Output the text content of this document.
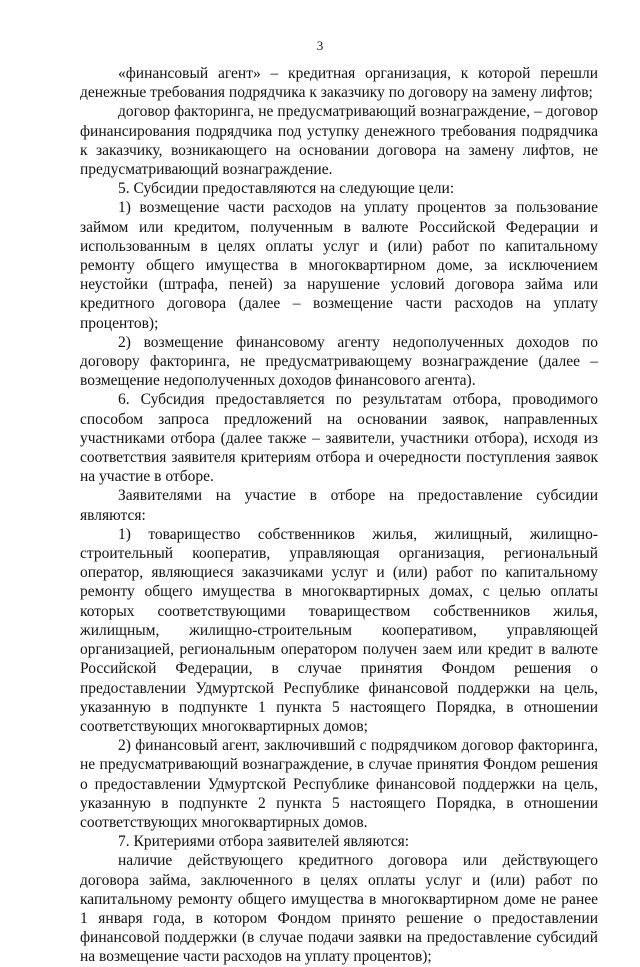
3

«финансовый агент» – кредитная организация, к которой перешли денежные требования подрядчика к заказчику по договору на замену лифтов;

договор факторинга, не предусматривающий вознаграждение, – договор финансирования подрядчика под уступку денежного требования подрядчика к заказчику, возникающего на основании договора на замену лифтов, не предусматривающий вознаграждение.

5. Субсидии предоставляются на следующие цели:

1) возмещение части расходов на уплату процентов за пользование займом или кредитом, полученным в валюте Российской Федерации и использованным в целях оплаты услуг и (или) работ по капитальному ремонту общего имущества в многоквартирном доме, за исключением неустойки (штрафа, пеней) за нарушение условий договора займа или кредитного договора (далее – возмещение части расходов на уплату процентов);

2) возмещение финансовому агенту недополученных доходов по договору факторинга, не предусматривающему вознаграждение (далее – возмещение недополученных доходов финансового агента).

6. Субсидия предоставляется по результатам отбора, проводимого способом запроса предложений на основании заявок, направленных участниками отбора (далее также – заявители, участники отбора), исходя из соответствия заявителя критериям отбора и очередности поступления заявок на участие в отборе.

Заявителями на участие в отборе на предоставление субсидии являются:

1) товарищество собственников жилья, жилищный, жилищно-строительный кооператив, управляющая организация, региональный оператор, являющиеся заказчиками услуг и (или) работ по капитальному ремонту общего имущества в многоквартирных домах, с целью оплаты которых соответствующими товариществом собственников жилья, жилищным, жилищно-строительным кооперативом, управляющей организацией, региональным оператором получен заем или кредит в валюте Российской Федерации, в случае принятия Фондом решения о предоставлении Удмуртской Республике финансовой поддержки на цель, указанную в подпункте 1 пункта 5 настоящего Порядка, в отношении соответствующих многоквартирных домов;

2) финансовый агент, заключивший с подрядчиком договор факторинга, не предусматривающий вознаграждение, в случае принятия Фондом решения о предоставлении Удмуртской Республике финансовой поддержки на цель, указанную в подпункте 2 пункта 5 настоящего Порядка, в отношении соответствующих многоквартирных домов.

7. Критериями отбора заявителей являются:

наличие действующего кредитного договора или действующего договора займа, заключенного в целях оплаты услуг и (или) работ по капитальному ремонту общего имущества в многоквартирном доме не ранее 1 января года, в котором Фондом принято решение о предоставлении финансовой поддержки (в случае подачи заявки на предоставление субсидий на возмещение части расходов на уплату процентов);
